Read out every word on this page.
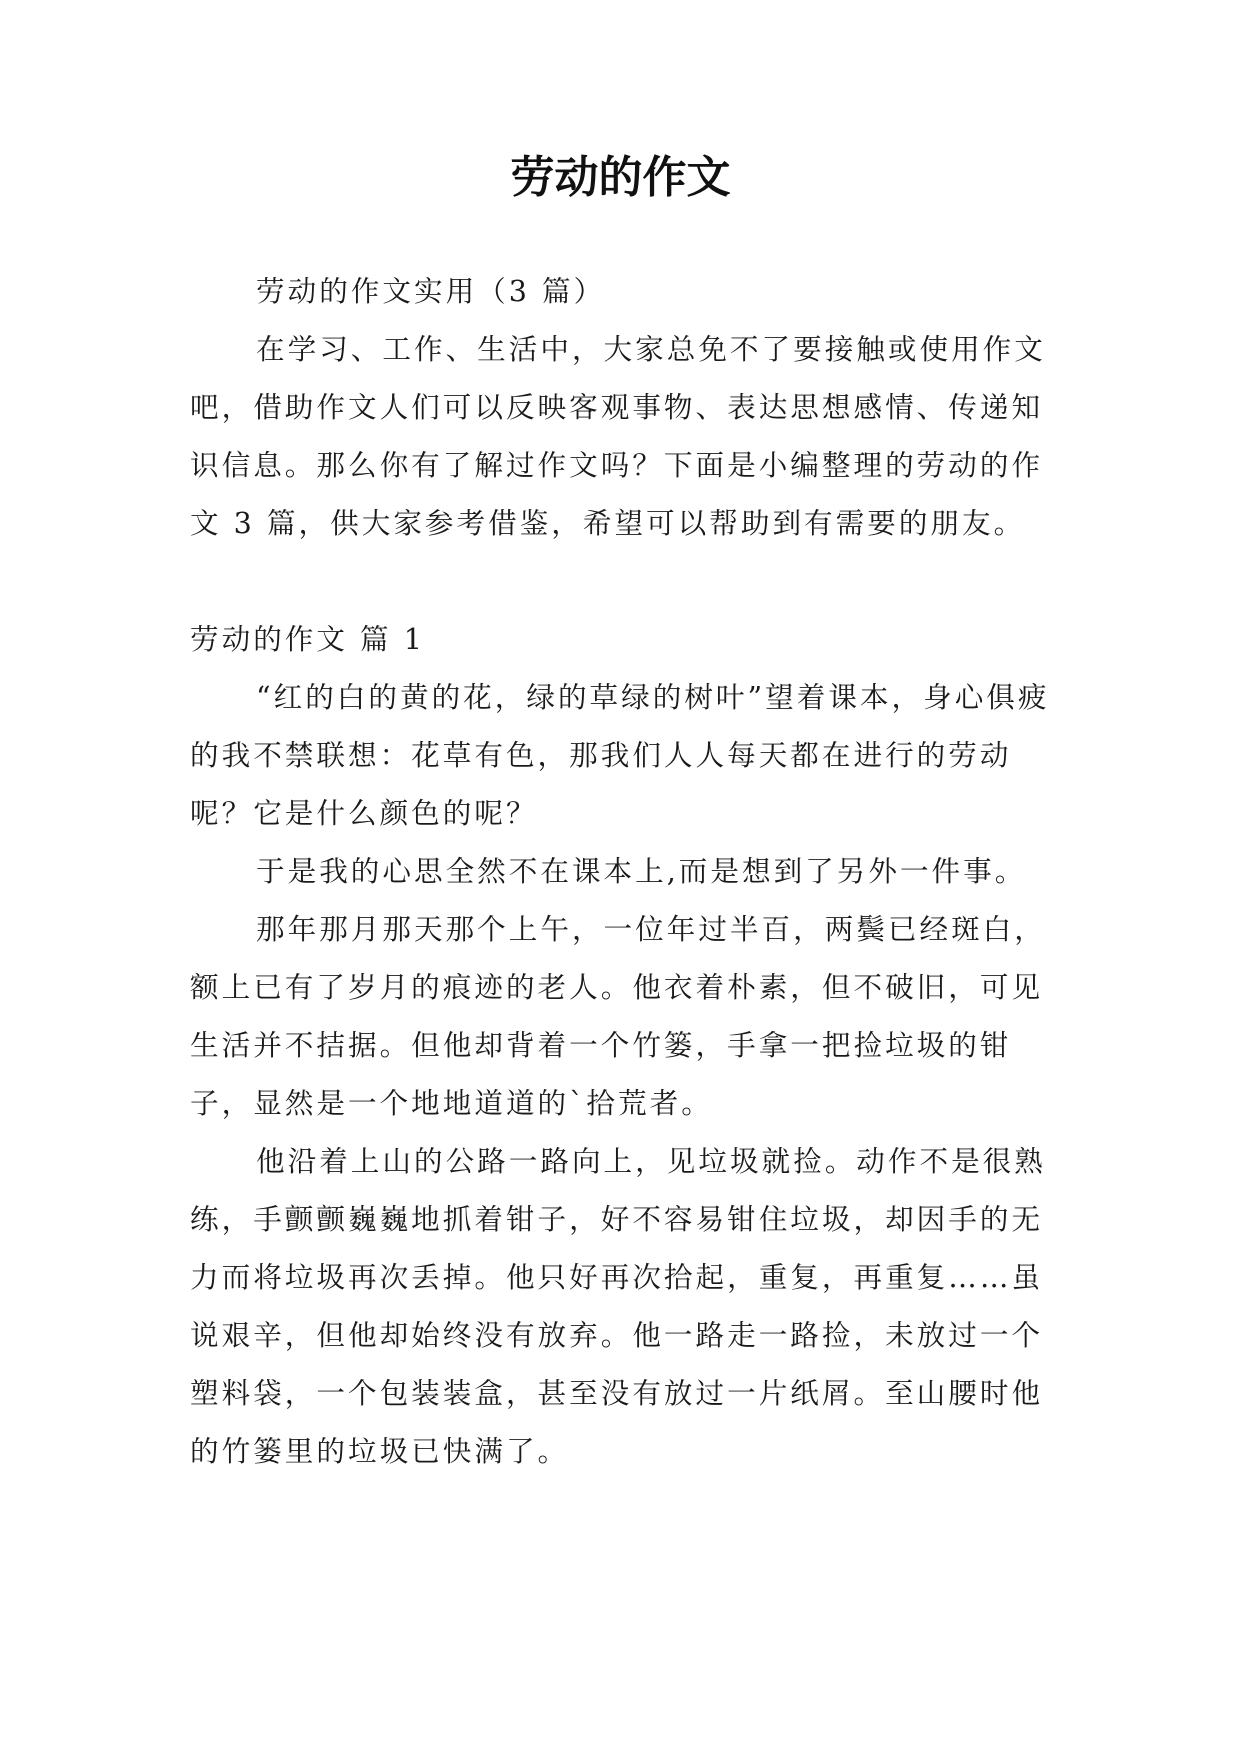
劳动的作文

劳动的作文实用（3 篇）

在学习、工作、生活中，大家总免不了要接触或使用作文吧，借助作文人们可以反映客观事物、表达思想感情、传递知识信息。那么你有了解过作文吗？下面是小编整理的劳动的作文 3 篇，供大家参考借鉴，希望可以帮助到有需要的朋友。

劳动的作文 篇 1

“红的白的黄的花，绿的草绿的树叶”望着课本，身心俱疲的我不禁联想：花草有色，那我们人人每天都在进行的劳动呢？它是什么颜色的呢？

于是我的心思全然不在课本上,而是想到了另外一件事。

那年那月那天那个上午，一位年过半百，两鬓已经斑白，额上已有了岁月的痕迹的老人。他衣着朴素，但不破旧，可见生活并不拮据。但他却背着一个竹篓，手拿一把捡垃圾的钳子，显然是一个地地道道的`拾荒者。

他沿着上山的公路一路向上，见垃圾就捡。动作不是很熟练，手颤颤巍巍地抓着钳子，好不容易钳住垃圾，却因手的无力而将垃圾再次丢掉。他只好再次拾起，重复，再重复……虽说艰辛，但他却始终没有放弃。他一路走一路捡，未放过一个塑料袋，一个包装装盒，甚至没有放过一片纸屑。至山腰时他的竹篓里的垃圾已快满了。
